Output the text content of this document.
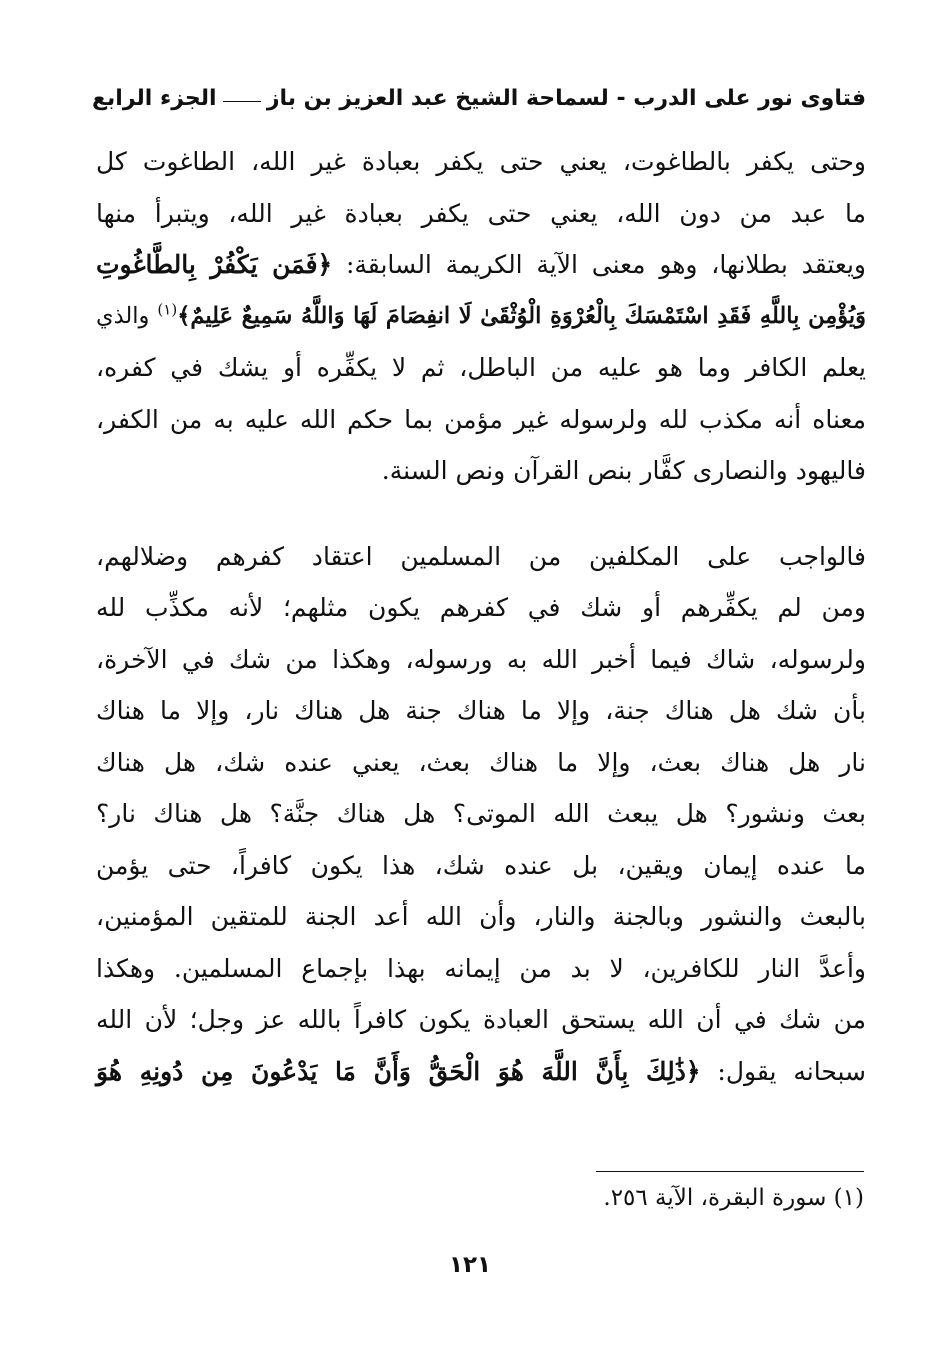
فتاوى نور على الدرب - لسماحة الشيخ عبد العزيز بن باز
الجزء الرابع
وحتى يكفر بالطاغوت، يعني حتى يكفر بعبادة غير الله، الطاغوت كل
ما عبد من دون الله، يعني حتى يكفر بعبادة غير الله، ويتبرأ منها
ويعتقد بطلانها، وهو معنى الآية الكريمة السابقة: ﴿فَمَن يَكْفُرْ بِالطَّاغُوتِ
وَيُؤْمِن بِاللَّهِ فَقَدِ اسْتَمْسَكَ بِالْعُرْوَةِ الْوُثْقَىٰ لَا انفِصَامَ لَهَا وَاللَّهُ سَمِيعٌ عَلِيمٌ﴾$^{(١)}$ والذي
يعلم الكافر وما هو عليه من الباطل، ثم لا يكفِّره أو يشك في كفره،
معناه أنه مكذب لله ولرسوله غير مؤمن بما حكم الله عليه به من الكفر،
فاليهود والنصارى كفَّار بنص القرآن ونص السنة.
فالواجب على المكلفين من المسلمين اعتقاد كفرهم وضلالهم،
ومن لم يكفِّرهم أو شك في كفرهم يكون مثلهم؛ لأنه مكذِّب لله
ولرسوله، شاك فيما أخبر الله به ورسوله، وهكذا من شك في الآخرة،
بأن شك هل هناك جنة، وإلا ما هناك جنة هل هناك نار، وإلا ما هناك
نار هل هناك بعث، وإلا ما هناك بعث، يعني عنده شك، هل هناك
بعث ونشور؟ هل يبعث الله الموتى؟ هل هناك جنَّة؟ هل هناك نار؟
ما عنده إيمان ويقين، بل عنده شك، هذا يكون كافراً، حتى يؤمن
بالبعث والنشور وبالجنة والنار، وأن الله أعد الجنة للمتقين المؤمنين،
وأعدَّ النار للكافرين، لا بد من إيمانه بهذا بإجماع المسلمين. وهكذا
من شك في أن الله يستحق العبادة يكون كافراً بالله عز وجل؛ لأن الله
سبحانه يقول: ﴿ذَٰلِكَ بِأَنَّ اللَّهَ هُوَ الْحَقُّ وَأَنَّ مَا يَدْعُونَ مِن دُونِهِ هُوَ
(١) سورة البقرة، الآية ٢٥٦.
١٢١
